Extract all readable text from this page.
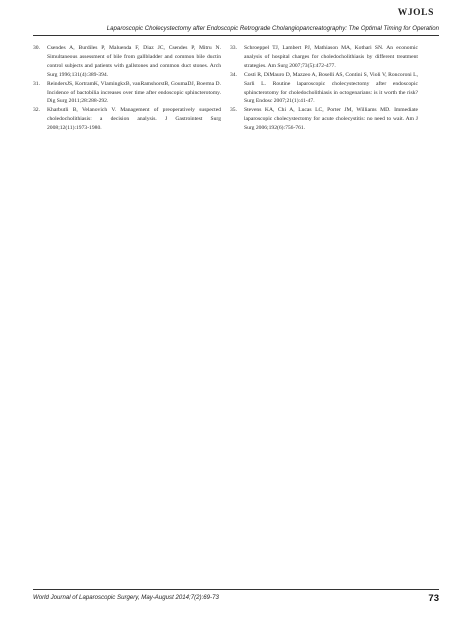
WJOLS
Laparoscopic Cholecystectomy after Endoscopic Retrograde Cholangiopancreatography: The Optimal Timing for Operation
30.	Csendes A, Burdiles P, Maluenda F, Diaz JC, Csendes P, Mitru N. Simultaneous assessment of bile from gallbladder and common bile ductin control subjects and patients with gallstones and common duct stones. Arch Surg 1996;131(4):389-394.
31.	ReindersJS, KortramK, VlamingkxB, vanRamshorstB, GoumaDJ, Boerma D. Incidence of bactobilia increases over time after endoscopic sphincterotomy. Dig Surg 2011;28:288-292.
32.	Kharbutli B, Velanovich V. Management of preoperatively suspected choledocholithiasis: a decision analysis. J Gastrointest Surg 2008;12(11):1973-1980.
33.	Schroeppel TJ, Lambert PJ, Mathiason MA, Kothari SN. An economic analysis of hospital charges for choledocholithiasis by different treatment strategies. Am Surg 2007;73(5):472-477.
34.	Costi R, DiMauro D, Mazzeo A, Boselli AS, Contini S, Violi V, Roncoroni L, Sarli L. Routine laparoscopic cholecystectomy after endoscopic sphincterotomy for choledocholithiasis in octogenarians: is it worth the risk? Surg Endosc 2007;21(1):41-47.
35.	Stevens KA, Chi A, Lucas LC, Porter JM, Williams MD. Immediate laparoscopic cholecystectomy for acute cholecystitis: no need to wait. Am J Surg 2006;192(6):756-761.
World Journal of Laparoscopic Surgery, May-August 2014;7(2):69-73	73
